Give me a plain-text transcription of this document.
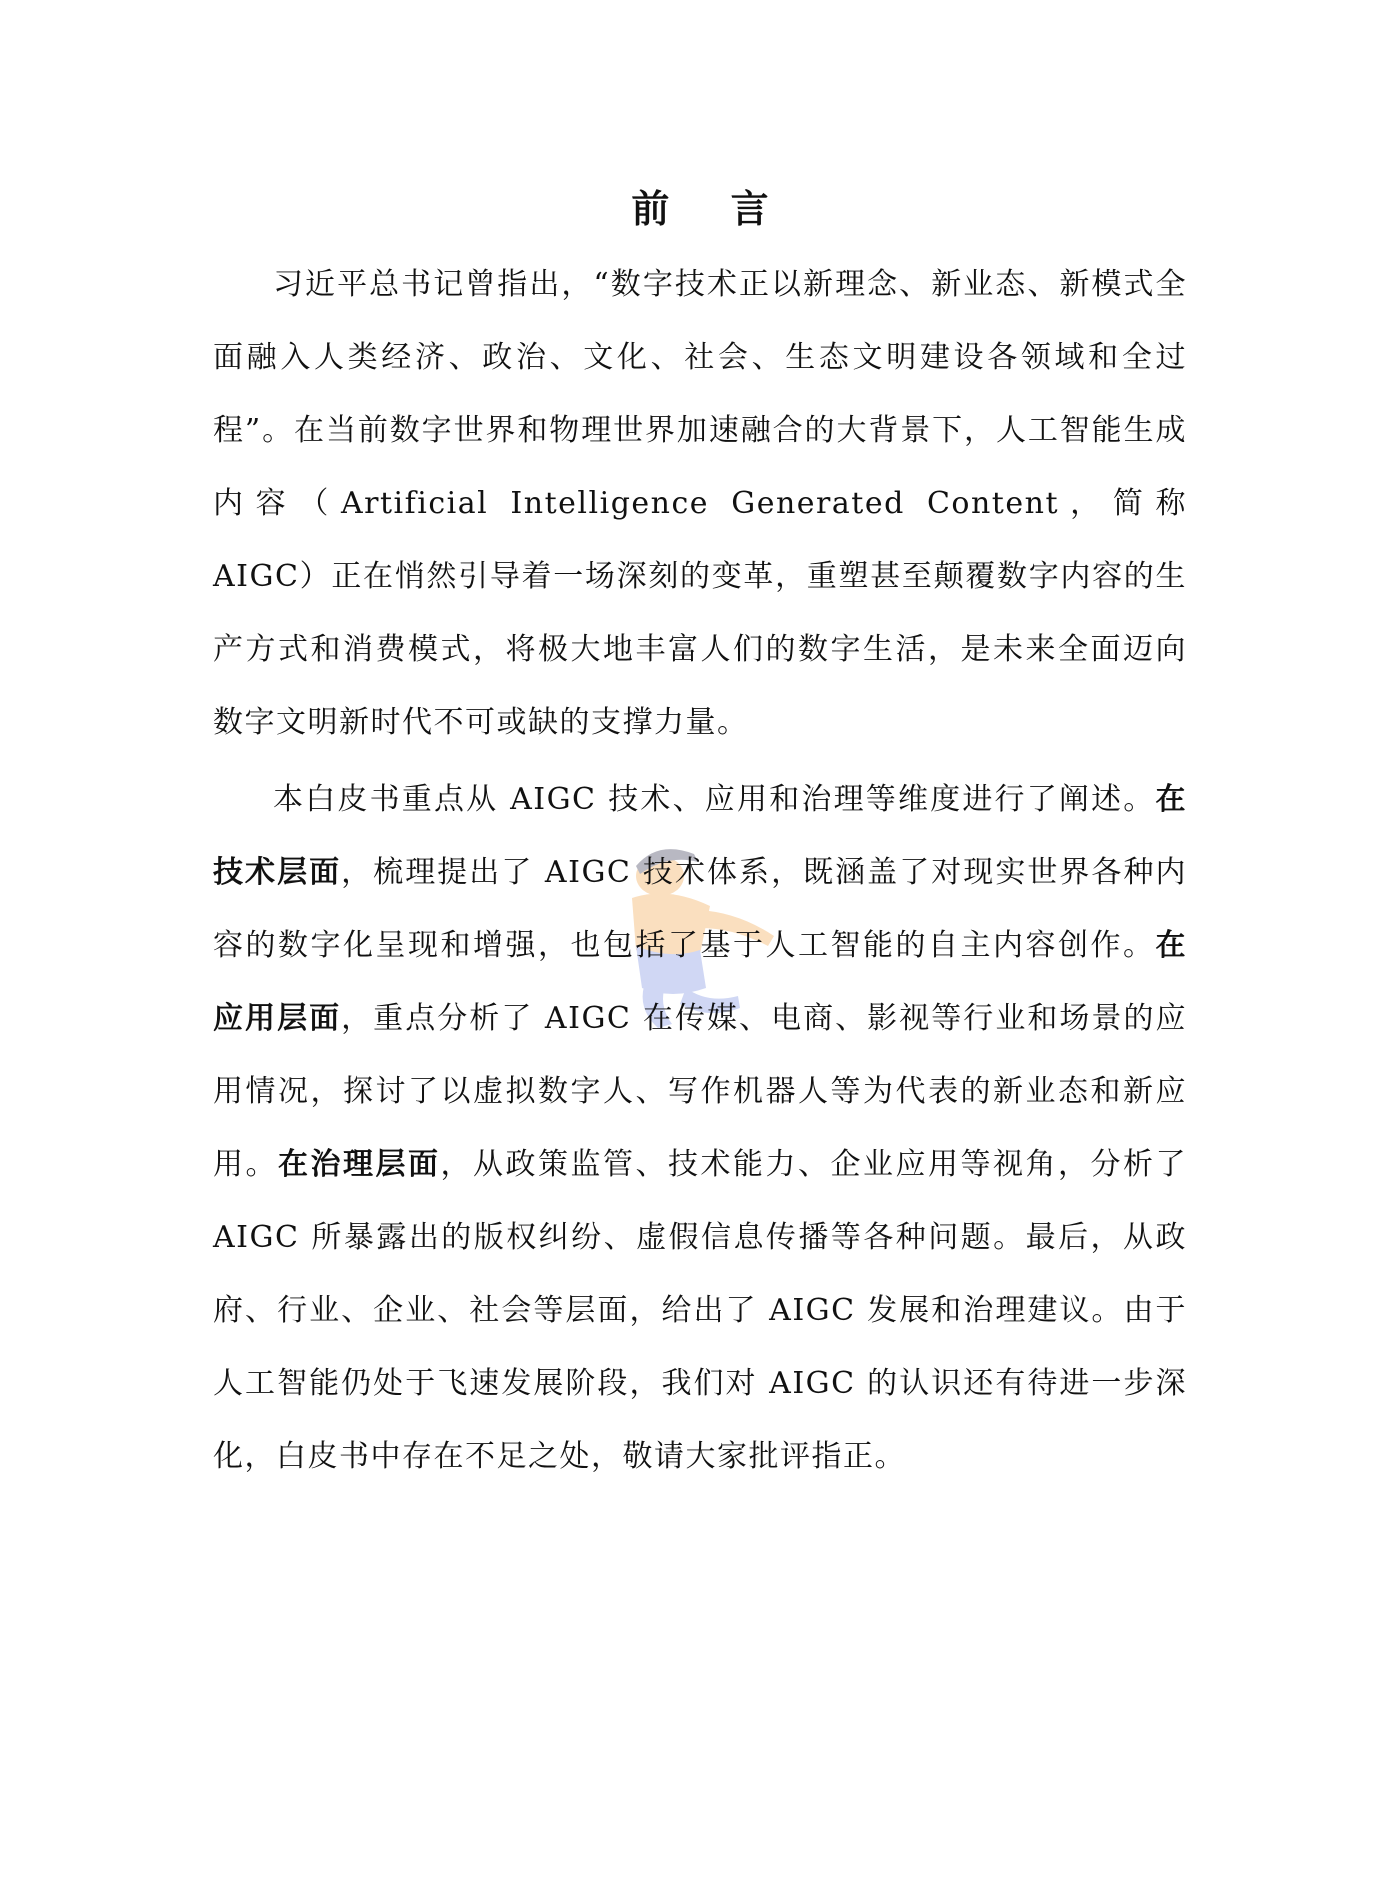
前 言

习近平总书记曾指出，“数字技术正以新理念、新业态、新模式全面融入人类经济、政治、文化、社会、生态文明建设各领域和全过程”。在当前数字世界和物理世界加速融合的大背景下，人工智能生成内容（Artificial Intelligence Generated Content，简称 AIGC）正在悄然引导着一场深刻的变革，重塑甚至颠覆数字内容的生产方式和消费模式，将极大地丰富人们的数字生活，是未来全面迈向数字文明新时代不可或缺的支撑力量。

本白皮书重点从 AIGC 技术、应用和治理等维度进行了阐述。在技术层面，梳理提出了 AIGC 技术体系，既涵盖了对现实世界各种内容的数字化呈现和增强，也包括了基于人工智能的自主内容创作。在应用层面，重点分析了 AIGC 在传媒、电商、影视等行业和场景的应用情况，探讨了以虚拟数字人、写作机器人等为代表的新业态和新应用。在治理层面，从政策监管、技术能力、企业应用等视角，分析了 AIGC 所暴露出的版权纠纷、虚假信息传播等各种问题。最后，从政府、行业、企业、社会等层面，给出了 AIGC 发展和治理建议。由于人工智能仍处于飞速发展阶段，我们对 AIGC 的认识还有待进一步深化，白皮书中存在不足之处，敬请大家批评指正。
